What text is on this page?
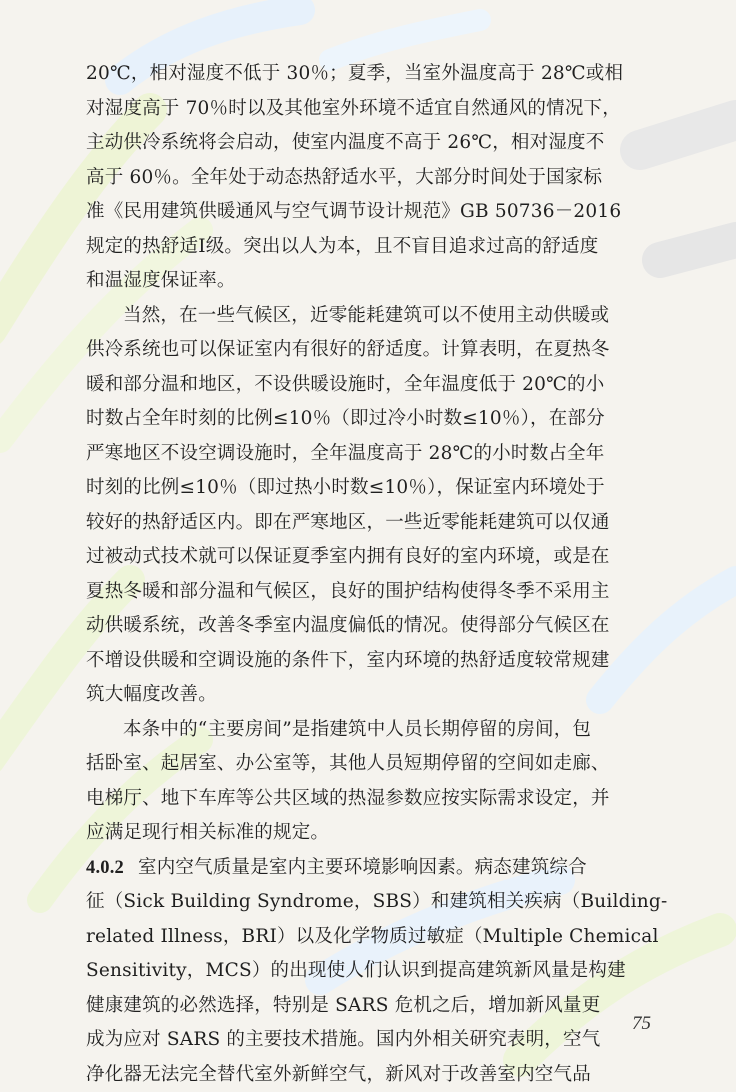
20℃，相对湿度不低于 30％；夏季，当室外温度高于 28℃或相
对湿度高于 70％时以及其他室外环境不适宜自然通风的情况下，
主动供冷系统将会启动，使室内温度不高于 26℃，相对湿度不
高于 60％。全年处于动态热舒适水平，大部分时间处于国家标
准《民用建筑供暖通风与空气调节设计规范》GB 50736－2016
规定的热舒适Ⅰ级。突出以人为本，且不盲目追求过高的舒适度
和温湿度保证率。
当然，在一些气候区，近零能耗建筑可以不使用主动供暖或
供冷系统也可以保证室内有很好的舒适度。计算表明，在夏热冬
暖和部分温和地区，不设供暖设施时，全年温度低于 20℃的小
时数占全年时刻的比例≤10％（即过冷小时数≤10％），在部分
严寒地区不设空调设施时，全年温度高于 28℃的小时数占全年
时刻的比例≤10％（即过热小时数≤10％），保证室内环境处于
较好的热舒适区内。即在严寒地区，一些近零能耗建筑可以仅通
过被动式技术就可以保证夏季室内拥有良好的室内环境，或是在
夏热冬暖和部分温和气候区，良好的围护结构使得冬季不采用主
动供暖系统，改善冬季室内温度偏低的情况。使得部分气候区在
不增设供暖和空调设施的条件下，室内环境的热舒适度较常规建
筑大幅度改善。
本条中的“主要房间”是指建筑中人员长期停留的房间，包
括卧室、起居室、办公室等，其他人员短期停留的空间如走廊、
电梯厅、地下车库等公共区域的热湿参数应按实际需求设定，并
应满足现行相关标准的规定。
4.0.2 室内空气质量是室内主要环境影响因素。病态建筑综合
征（Sick Building Syndrome，SBS）和建筑相关疾病（Building-
related Illness，BRI）以及化学物质过敏症（Multiple Chemical
Sensitivity，MCS）的出现使人们认识到提高建筑新风量是构建
健康建筑的必然选择，特别是 SARS 危机之后，增加新风量更
成为应对 SARS 的主要技术措施。国内外相关研究表明，空气
净化器无法完全替代室外新鲜空气，新风对于改善室内空气品
75
